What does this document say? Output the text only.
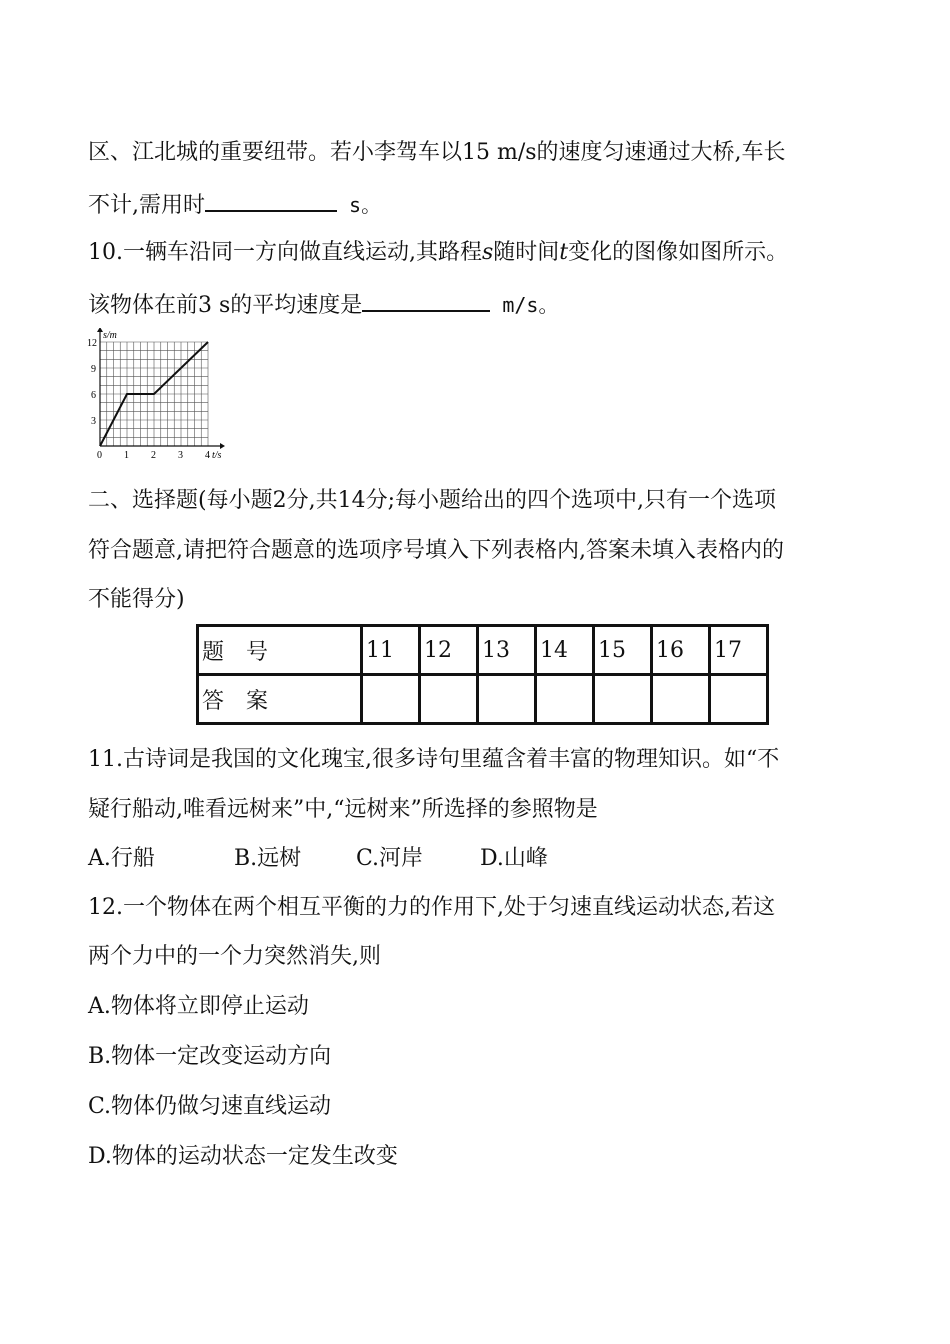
区、江北城的重要纽带。若小李驾车以15 m/s的速度匀速通过大桥,车长
不计,需用时	s。
10.一辆车沿同一方向做直线运动,其路程s随时间t变化的图像如图所示。
该物体在前3 s的平均速度是	m/s。
0 1 2 3 4
3
6
9
12
s/m
t/s
二、选择题(每小题2分,共14分;每小题给出的四个选项中,只有一个选项
符合题意,请把符合题意的选项序号填入下列表格内,答案未填入表格内的
不能得分)
题　号	11	12	13	14	15	16	17
答　案							
11.古诗词是我国的文化瑰宝,很多诗句里蕴含着丰富的物理知识。如“不
疑行船动,唯看远树来”中,“远树来”所选择的参照物是
A.行船	B.远树 C.河岸	D.山峰
12.一个物体在两个相互平衡的力的作用下,处于匀速直线运动状态,若这
两个力中的一个力突然消失,则
A.物体将立即停止运动
B.物体一定改变运动方向
C.物体仍做匀速直线运动
D.物体的运动状态一定发生改变
